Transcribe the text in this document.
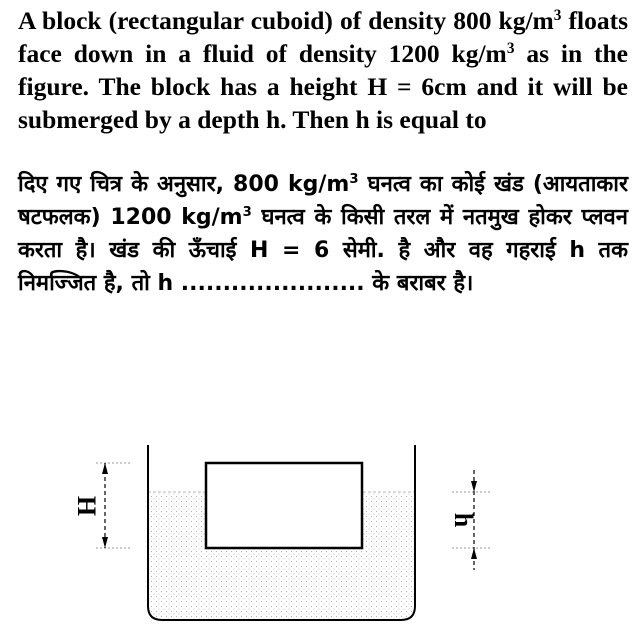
A block (rectangular cuboid) of density 800 $kg/m^3$ floats face down in a fluid of density 1200 $kg/m^3$ as in the figure. The block has a height H = 6cm and it will be submerged by a depth h. Then h is equal to

दिए गए चित्र के अनुसार, 800 $kg/m^3$ घनत्व का कोई खंड (आयताकार षटफलक) 1200 $kg/m^3$ घनत्व के किसी तरल में नतमुख होकर प्लवन करता है। खंड की ऊँचाई H = 6 सेमी. है और वह गहराई h तक निमज्जित है, तो h ...................... के बराबर है।

H
h
